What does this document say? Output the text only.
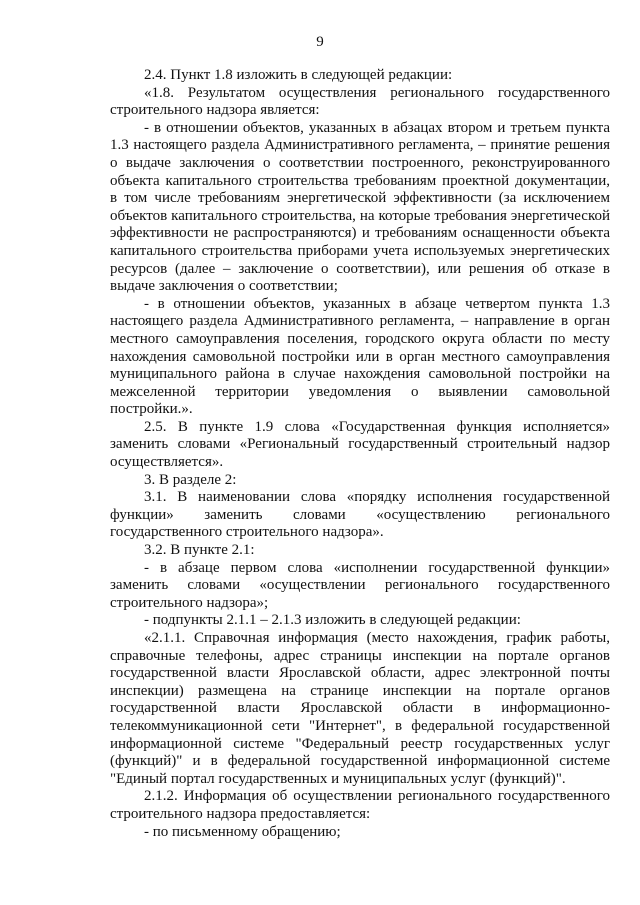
9

2.4. Пункт 1.8 изложить в следующей редакции:

«1.8. Результатом осуществления регионального государственного строительного надзора является:

- в отношении объектов, указанных в абзацах втором и третьем пункта 1.3 настоящего раздела Административного регламента, – принятие решения о выдаче заключения о соответствии построенного, реконструированного объекта капитального строительства требованиям проектной документации, в том числе требованиям энергетической эффективности (за исключением объектов капитального строительства, на которые требования энергетической эффективности не распространяются) и требованиям оснащенности объекта капитального строительства приборами учета используемых энергетических ресурсов (далее – заключение о соответствии), или решения об отказе в выдаче заключения о соответствии;

- в отношении объектов, указанных в абзаце четвертом пункта 1.3 настоящего раздела Административного регламента, – направление в орган местного самоуправления поселения, городского округа области по месту нахождения самовольной постройки или в орган местного самоуправления муниципального района в случае нахождения самовольной постройки на межселенной территории уведомления о выявлении самовольной постройки.».

2.5. В пункте 1.9 слова «Государственная функция исполняется» заменить словами «Региональный государственный строительный надзор осуществляется».

3. В разделе 2:

3.1. В наименовании слова «порядку исполнения государственной функции» заменить словами «осуществлению регионального государственного строительного надзора».

3.2. В пункте 2.1:

- в абзаце первом слова «исполнении государственной функции» заменить словами «осуществлении регионального государственного строительного надзора»;

- подпункты 2.1.1 – 2.1.3 изложить в следующей редакции:

«2.1.1. Справочная информация (место нахождения, график работы, справочные телефоны, адрес страницы инспекции на портале органов государственной власти Ярославской области, адрес электронной почты инспекции) размещена на странице инспекции на портале органов государственной власти Ярославской области в информационно-телекоммуникационной сети "Интернет", в федеральной государственной информационной системе "Федеральный реестр государственных услуг (функций)" и в федеральной государственной информационной системе "Единый портал государственных и муниципальных услуг (функций)".

2.1.2. Информация об осуществлении регионального государственного строительного надзора предоставляется:

- по письменному обращению;
